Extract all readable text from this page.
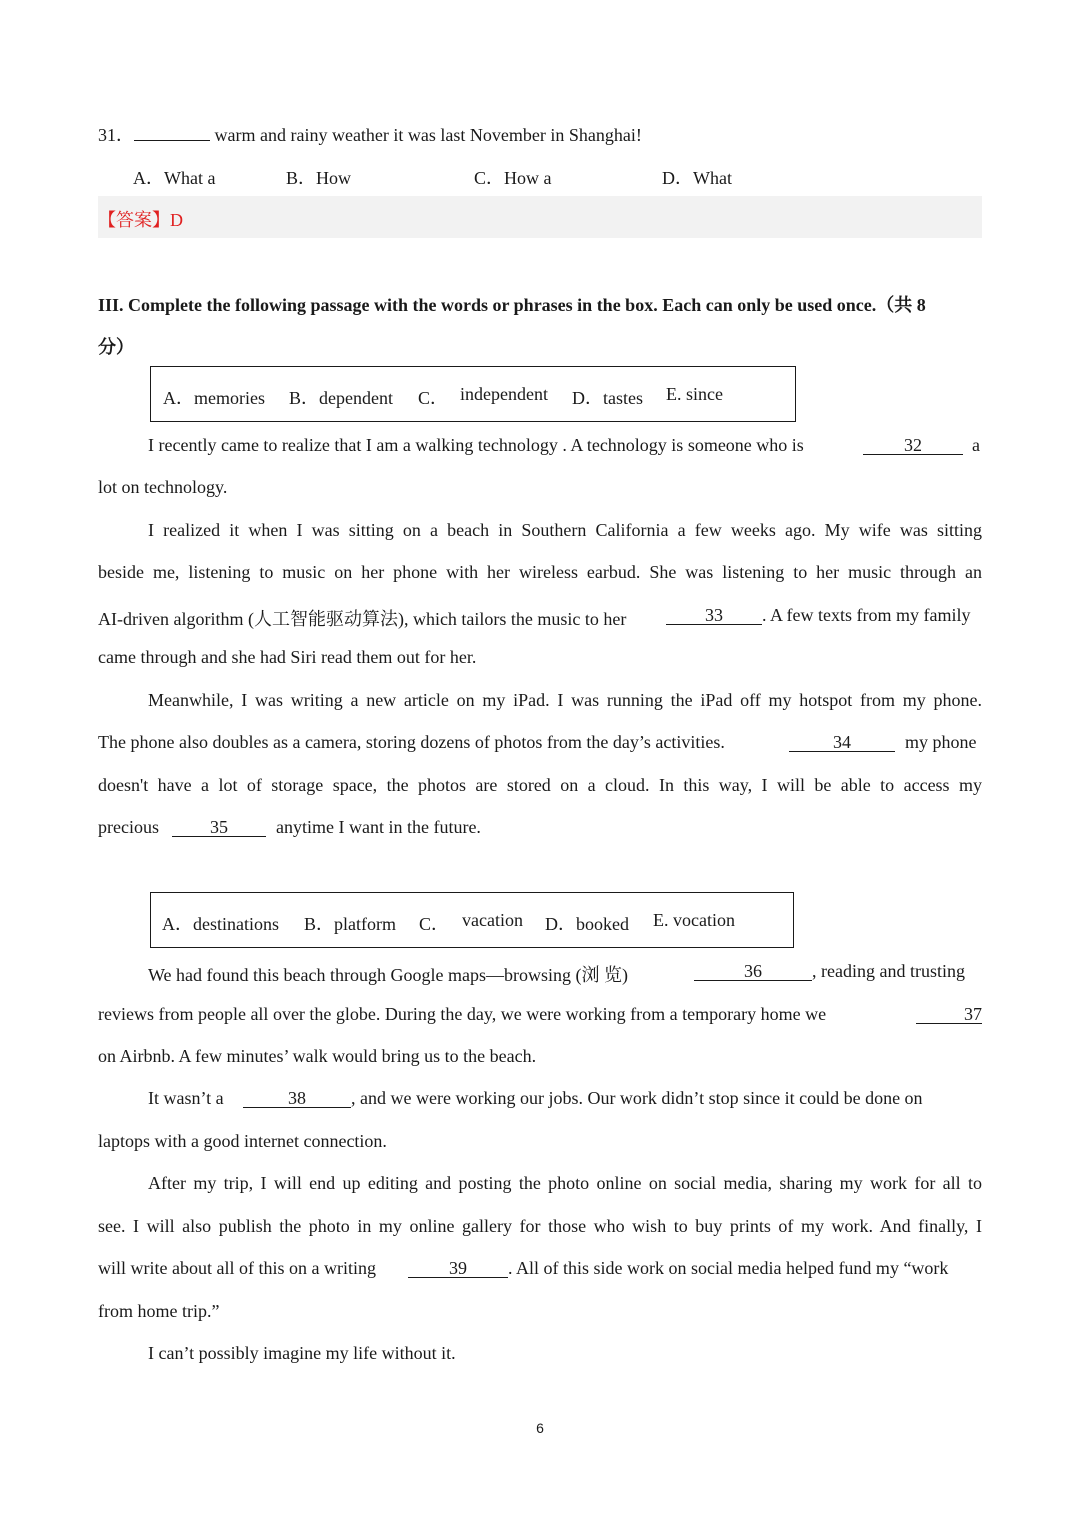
31．	warm and rainy weather it was last November in Shanghai!
A．What a	B．How	C．How a	D．What
【答案】D
III. Complete the following passage with the words or phrases in the box. Each can only be used once.（共 8
分）
A．memories B．dependent C． independent D．tastes E. since
I recently came to realize that I am a walking technology . A technology is someone who is	32	a
lot on technology.
I realized it when I was sitting on a beach in Southern California a few weeks ago. My wife was sitting
beside me, listening to music on her phone with her wireless earbud. She was listening to her music through an
AI-driven algorithm (人工智能驱动算法), which tailors the music to her	33	. A few texts from my family
came through and she had Siri read them out for her.
Meanwhile, I was writing a new article on my iPad. I was running the iPad off my hotspot from my phone.
The phone also doubles as a camera, storing dozens of photos from the day’s activities.	34	my phone
doesn't have a lot of storage space, the photos are stored on a cloud. In this way, I will be able to access my
precious	35	anytime I want in the future.
A．destinations B．platform C． vacation D．booked E. vocation
We had found this beach through Google maps—browsing (浏 览)	36	, reading and trusting
reviews from people all over the globe. During the day, we were working from a temporary home we	37
on Airbnb. A few minutes’ walk would bring us to the beach.
It wasn’t a	38	, and we were working our jobs. Our work didn’t stop since it could be done on
laptops with a good internet connection.
After my trip, I will end up editing and posting the photo online on social media, sharing my work for all to
see. I will also publish the photo in my online gallery for those who wish to buy prints of my work. And finally, I
will write about all of this on a writing	39	. All of this side work on social media helped fund my “work
from home trip.”
I can’t possibly imagine my life without it.
6
